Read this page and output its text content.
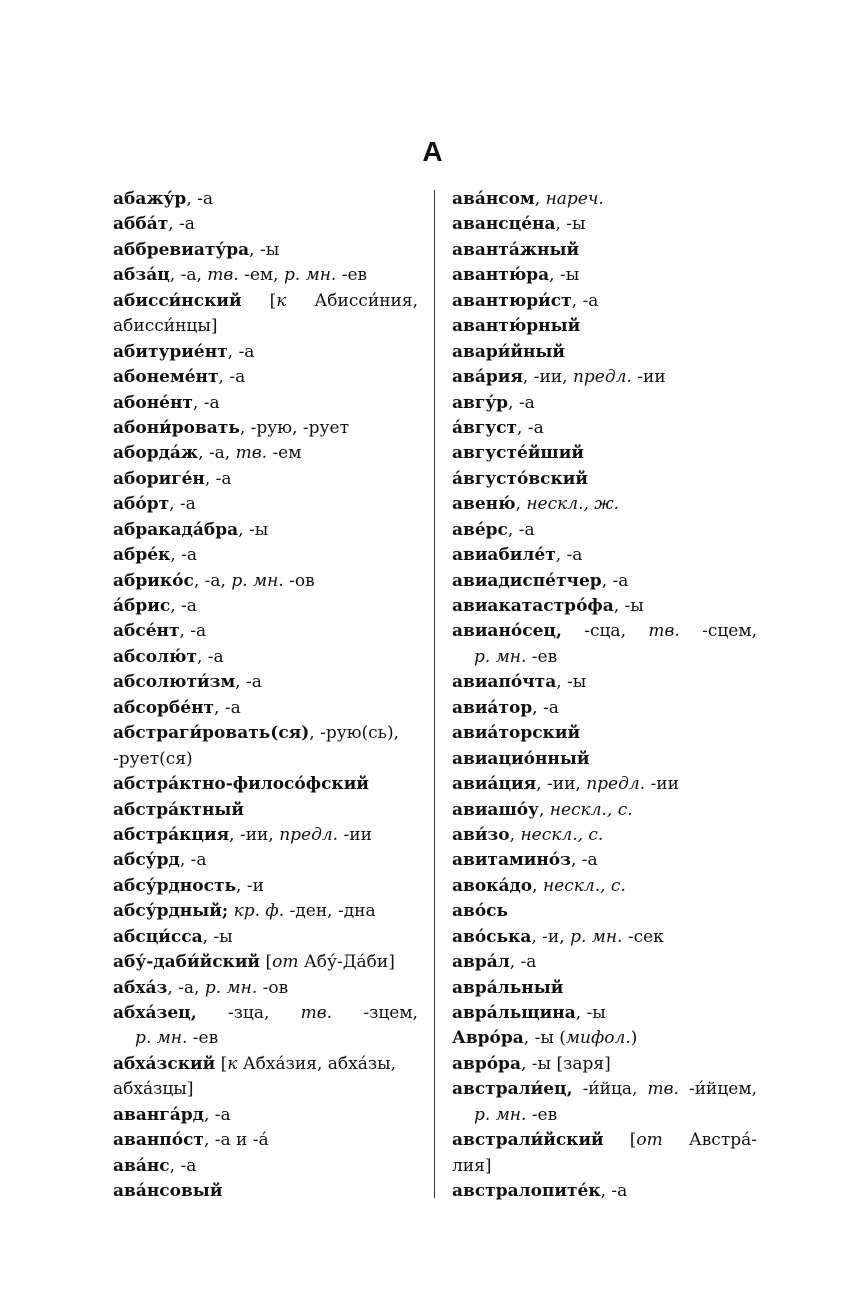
А
абажу́р, -а
абба́т, -а
аббревиату́ра, -ы
абза́ц, -а, тв. -ем, р. мн. -ев
абисси́нский [к Абисси́ния,
абисси́нцы]
абитурие́нт, -а
абонеме́нт, -а
абоне́нт, -а
абони́ровать, -рую, -рует
аборда́ж, -а, тв. -ем
абориге́н, -а
або́рт, -а
абракада́бра, -ы
абре́к, -а
абрико́с, -а, р. мн. -ов
а́брис, -а
абсе́нт, -а
абсолю́т, -а
абсолюти́зм, -а
абсорбе́нт, -а
абстраги́ровать(ся), -рую(сь),
-рует(ся)
абстра́ктно-филосо́фский
абстра́ктный
абстра́кция, -ии, предл. -ии
абсу́рд, -а
абсу́рдность, -и
абсу́рдный; кр. ф. -ден, -дна
абсци́сса, -ы
абу́-даби́йский [от Абу́-Да́би]
абха́з, -а, р. мн. -ов
абха́зец, -зца, тв. -зцем,
р. мн. -ев
абха́зский [к Абха́зия, абха́зы,
абха́зцы]
аванга́рд, -а
аванпо́ст, -а и -а́
ава́нс, -а
ава́нсовый
ава́нсом, нареч.
авансце́на, -ы
аванта́жный
авантю́ра, -ы
авантюри́ст, -а
авантю́рный
авари́йный
ава́рия, -ии, предл. -ии
авгу́р, -а
а́вгуст, -а
августе́йший
а́вгусто́вский
авеню́, нескл., ж.
аве́рс, -а
авиабиле́т, -а
авиадиспе́тчер, -а
авиакатастро́фа, -ы
авиано́сец, -сца, тв. -сцем,
р. мн. -ев
авиапо́чта, -ы
авиа́тор, -а
авиа́торский
авиацио́нный
авиа́ция, -ии, предл. -ии
авиашо́у, нескл., с.
ави́зо, нескл., с.
авитамино́з, -а
авока́до, нескл., с.
аво́сь
аво́ська, -и, р. мн. -сек
авра́л, -а
авра́льный
авра́льщина, -ы
Авро́ра, -ы (мифол.)
авро́ра, -ы [заря]
австрали́ец, -и́йца, тв. -и́йцем,
р. мн. -ев
австрали́йский [от Австра́-
лия]
австралопите́к, -а
